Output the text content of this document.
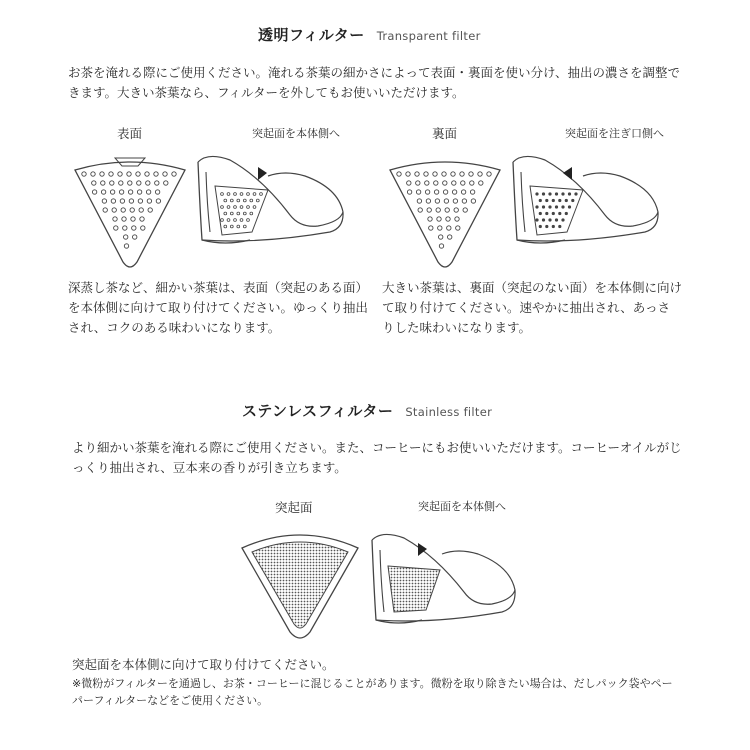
透明フィルター Transparent filter
お茶を淹れる際にご使用ください。淹れる茶葉の細かさによって表面・裏面を使い分け、抽出の濃さを調整できます。大きい茶葉なら、フィルターを外してもお使いいただけます。
表面	突起面を本体側へ	裏面	突起面を注ぎ口側へ
深蒸し茶など、細かい茶葉は、表面（突起のある面）を本体側に向けて取り付けてください。ゆっくり抽出され、コクのある味わいになります。
大きい茶葉は、裏面（突起のない面）を本体側に向けて取り付けてください。速やかに抽出され、あっさりした味わいになります。
ステンレスフィルター Stainless filter
より細かい茶葉を淹れる際にご使用ください。また、コーヒーにもお使いいただけます。コーヒーオイルがじっくり抽出され、豆本来の香りが引き立ちます。
突起面	突起面を本体側へ
突起面を本体側に向けて取り付けてください。
※微粉がフィルターを通過し、お茶・コーヒーに混じることがあります。微粉を取り除きたい場合は、だしパック袋やペーパーフィルターなどをご使用ください。
